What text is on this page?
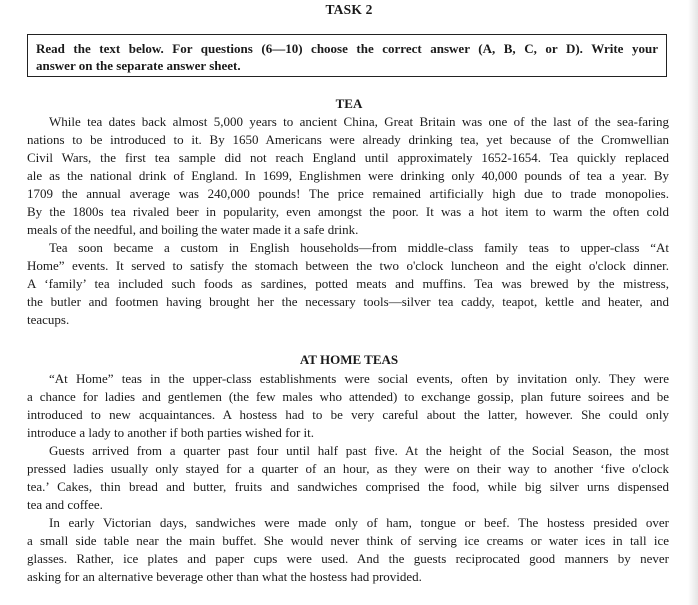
TASK 2
Read the text below. For questions (6—10) choose the correct answer (A, B, C, or D). Write your
answer on the separate answer sheet.
TEA

While tea dates back almost 5,000 years to ancient China, Great Britain was one of the last of the sea-faring
nations to be introduced to it. By 1650 Americans were already drinking tea, yet because of the Cromwellian
Civil Wars, the first tea sample did not reach England until approximately 1652-1654. Tea quickly replaced
ale as the national drink of England. In 1699, Englishmen were drinking only 40,000 pounds of tea a year. By
1709 the annual average was 240,000 pounds! The price remained artificially high due to trade monopolies.
By the 1800s tea rivaled beer in popularity, even amongst the poor. It was a hot item to warm the often cold
meals of the needful, and boiling the water made it a safe drink.

Tea soon became a custom in English households—from middle-class family teas to upper-class “At
Home” events. It served to satisfy the stomach between the two o'clock luncheon and the eight o'clock dinner.
A ‘family’ tea included such foods as sardines, potted meats and muffins. Tea was brewed by the mistress,
the butler and footmen having brought her the necessary tools—silver tea caddy, teapot, kettle and heater, and
teacups.

AT HOME TEAS

“At Home” teas in the upper-class establishments were social events, often by invitation only. They were
a chance for ladies and gentlemen (the few males who attended) to exchange gossip, plan future soirees and be
introduced to new acquaintances. A hostess had to be very careful about the latter, however. She could only
introduce a lady to another if both parties wished for it.

Guests arrived from a quarter past four until half past five. At the height of the Social Season, the most
pressed ladies usually only stayed for a quarter of an hour, as they were on their way to another ‘five o'clock
tea.’ Cakes, thin bread and butter, fruits and sandwiches comprised the food, while big silver urns dispensed
tea and coffee.

In early Victorian days, sandwiches were made only of ham, tongue or beef. The hostess presided over
a small side table near the main buffet. She would never think of serving ice creams or water ices in tall ice
glasses. Rather, ice plates and paper cups were used. And the guests reciprocated good manners by never
asking for an alternative beverage other than what the hostess had provided.
